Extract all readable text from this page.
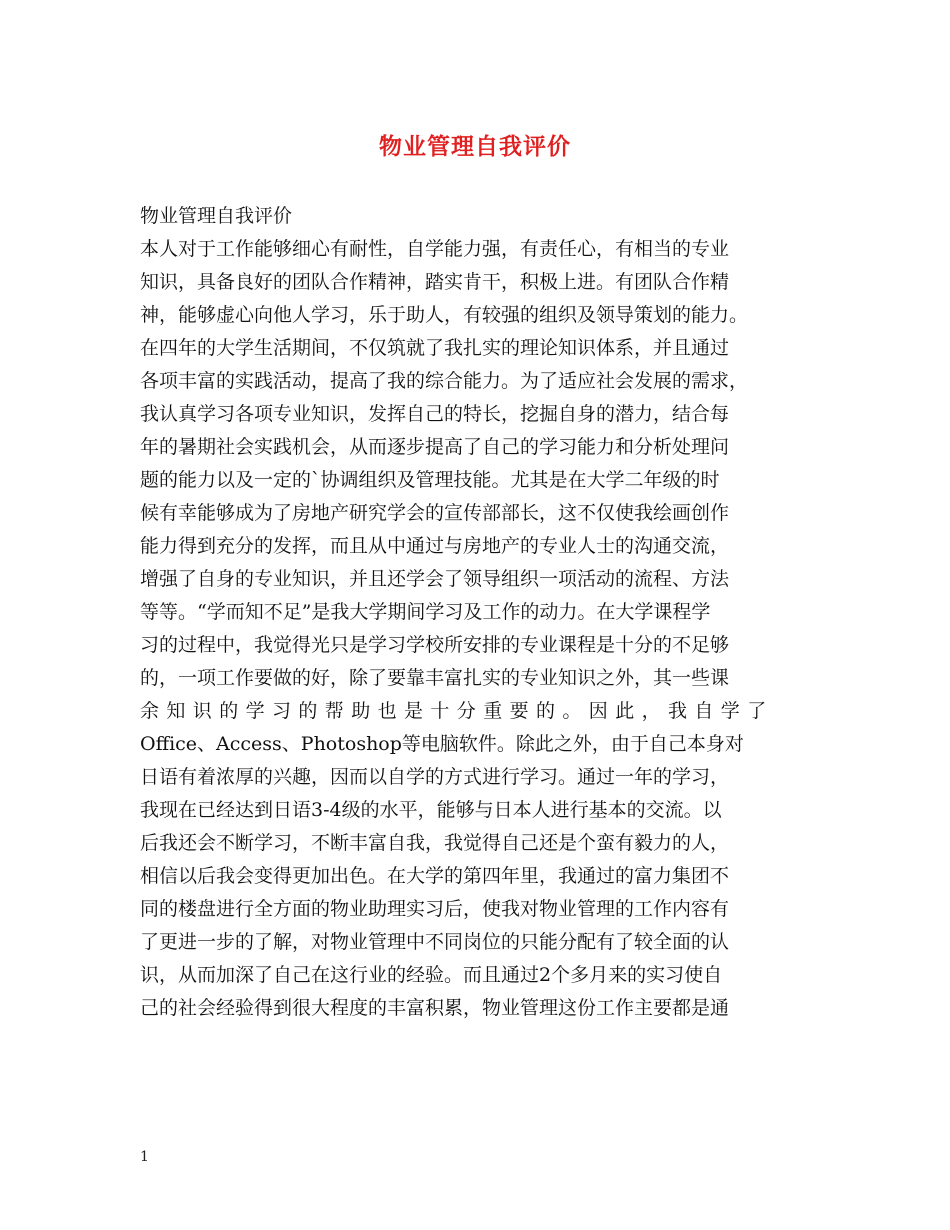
物业管理自我评价
物业管理自我评价
本人对于工作能够细心有耐性，自学能力强，有责任心，有相当的专业
知识，具备良好的团队合作精神，踏实肯干，积极上进。有团队合作精
神，能够虚心向他人学习，乐于助人，有较强的组织及领导策划的能力。
在四年的大学生活期间，不仅筑就了我扎实的理论知识体系，并且通过
各项丰富的实践活动，提高了我的综合能力。为了适应社会发展的需求，
我认真学习各项专业知识，发挥自己的特长，挖掘自身的潜力，结合每
年的暑期社会实践机会，从而逐步提高了自己的学习能力和分析处理问
题的能力以及一定的`协调组织及管理技能。尤其是在大学二年级的时
候有幸能够成为了房地产研究学会的宣传部部长，这不仅使我绘画创作
能力得到充分的发挥，而且从中通过与房地产的专业人士的沟通交流，
增强了自身的专业知识，并且还学会了领导组织一项活动的流程、方法
等等。“学而知不足”是我大学期间学习及工作的动力。在大学课程学
习的过程中，我觉得光只是学习学校所安排的专业课程是十分的不足够
的，一项工作要做的好，除了要靠丰富扎实的专业知识之外，其一些课
余知识的学习的帮助也是十分重要的。因此，我自学了
Office、Access、Photoshop等电脑软件。除此之外，由于自己本身对
日语有着浓厚的兴趣，因而以自学的方式进行学习。通过一年的学习，
我现在已经达到日语3-4级的水平，能够与日本人进行基本的交流。以
后我还会不断学习，不断丰富自我，我觉得自己还是个蛮有毅力的人，
相信以后我会变得更加出色。在大学的第四年里，我通过的富力集团不
同的楼盘进行全方面的物业助理实习后，使我对物业管理的工作内容有
了更进一步的了解，对物业管理中不同岗位的只能分配有了较全面的认
识，从而加深了自己在这行业的经验。而且通过2个多月来的实习使自
己的社会经验得到很大程度的丰富积累，物业管理这份工作主要都是通
1
